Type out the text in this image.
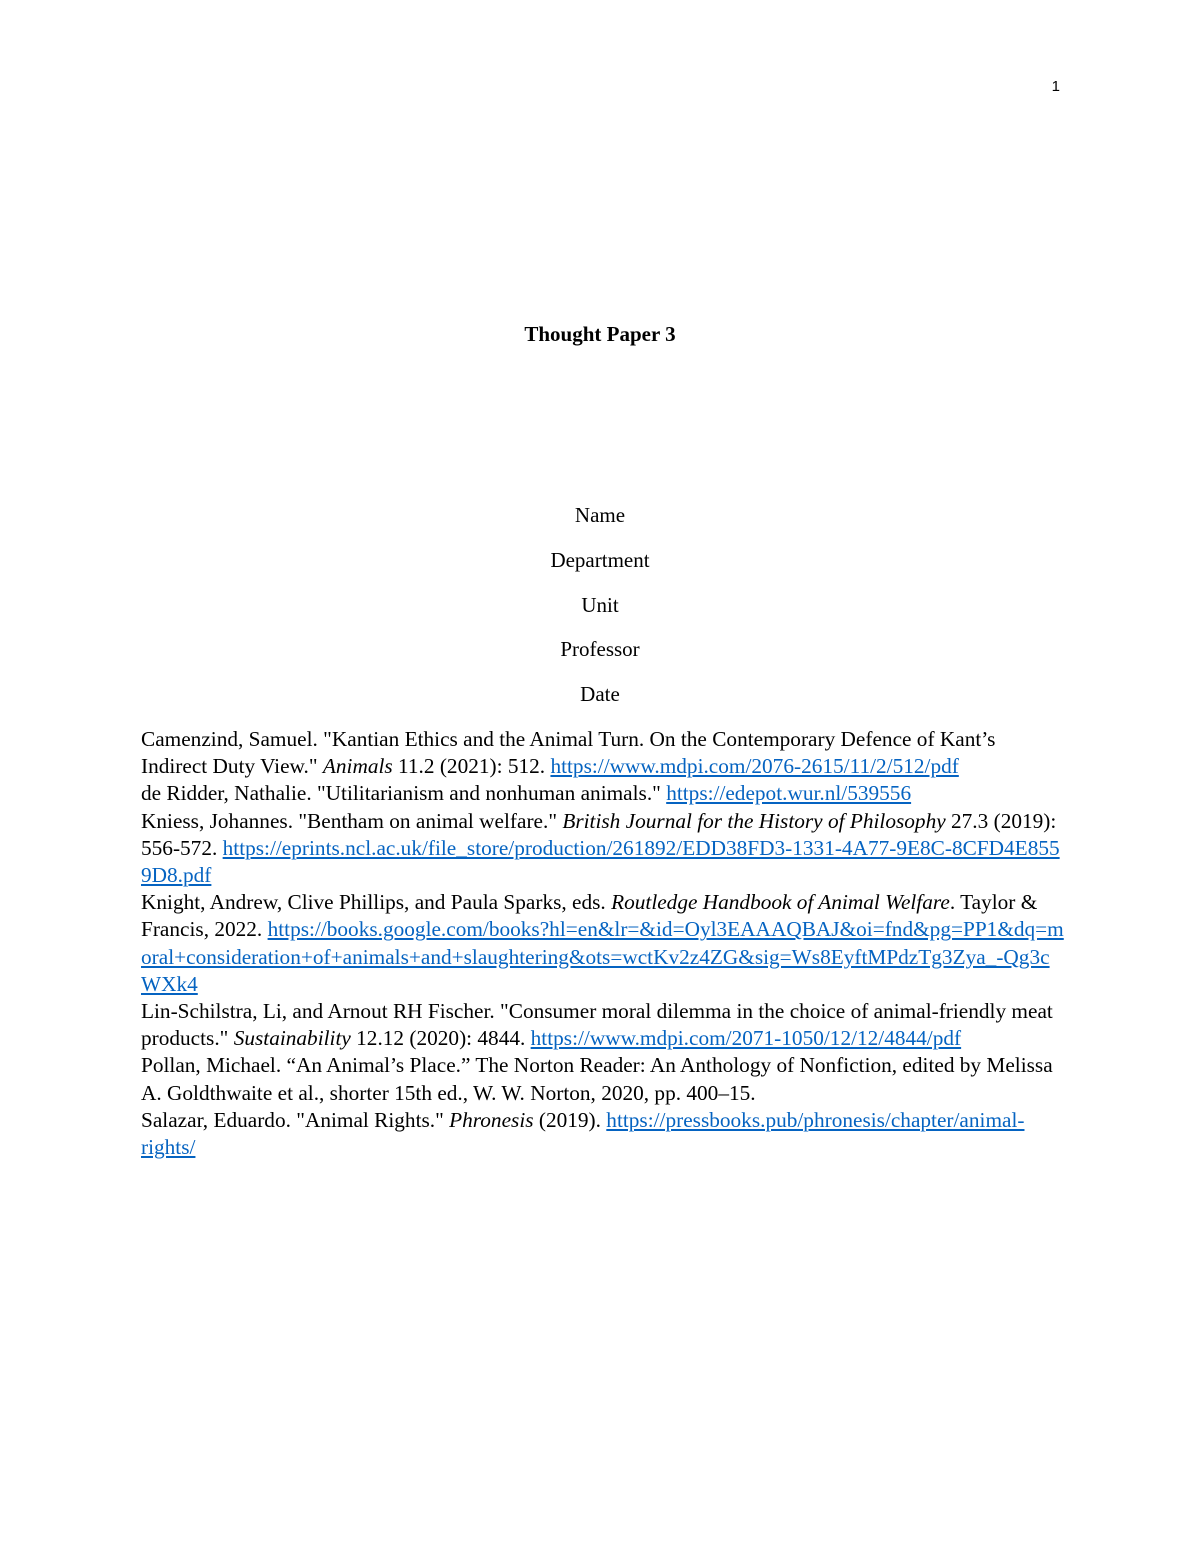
1
Thought Paper 3
Name
Department
Unit
Professor
Date

Camenzind, Samuel. "Kantian Ethics and the Animal Turn. On the Contemporary Defence of Kant’s Indirect Duty View." Animals 11.2 (2021): 512. https://www.mdpi.com/2076-2615/11/2/512/pdf

de Ridder, Nathalie. "Utilitarianism and nonhuman animals." https://edepot.wur.nl/539556

Kniess, Johannes. "Bentham on animal welfare." British Journal for the History of Philosophy 27.3 (2019): 556-572. https://eprints.ncl.ac.uk/file_store/production/261892/EDD38FD3-1331-4A77-9E8C-8CFD4E8559D8.pdf

Knight, Andrew, Clive Phillips, and Paula Sparks, eds. Routledge Handbook of Animal Welfare. Taylor & Francis, 2022. https://books.google.com/books?hl=en&lr=&id=Oyl3EAAAQBAJ&oi=fnd&pg=PP1&dq=moral+consideration+of+animals+and+slaughtering&ots=wctKv2z4ZG&sig=Ws8EyftMPdzTg3Zya_-Qg3cWXk4

Lin-Schilstra, Li, and Arnout RH Fischer. "Consumer moral dilemma in the choice of animal-friendly meat products." Sustainability 12.12 (2020): 4844. https://www.mdpi.com/2071-1050/12/12/4844/pdf

Pollan, Michael. “An Animal’s Place.” The Norton Reader: An Anthology of Nonfiction, edited by Melissa A. Goldthwaite et al., shorter 15th ed., W. W. Norton, 2020, pp. 400–15.

Salazar, Eduardo. "Animal Rights." Phronesis (2019). https://pressbooks.pub/phronesis/chapter/animal-rights/
